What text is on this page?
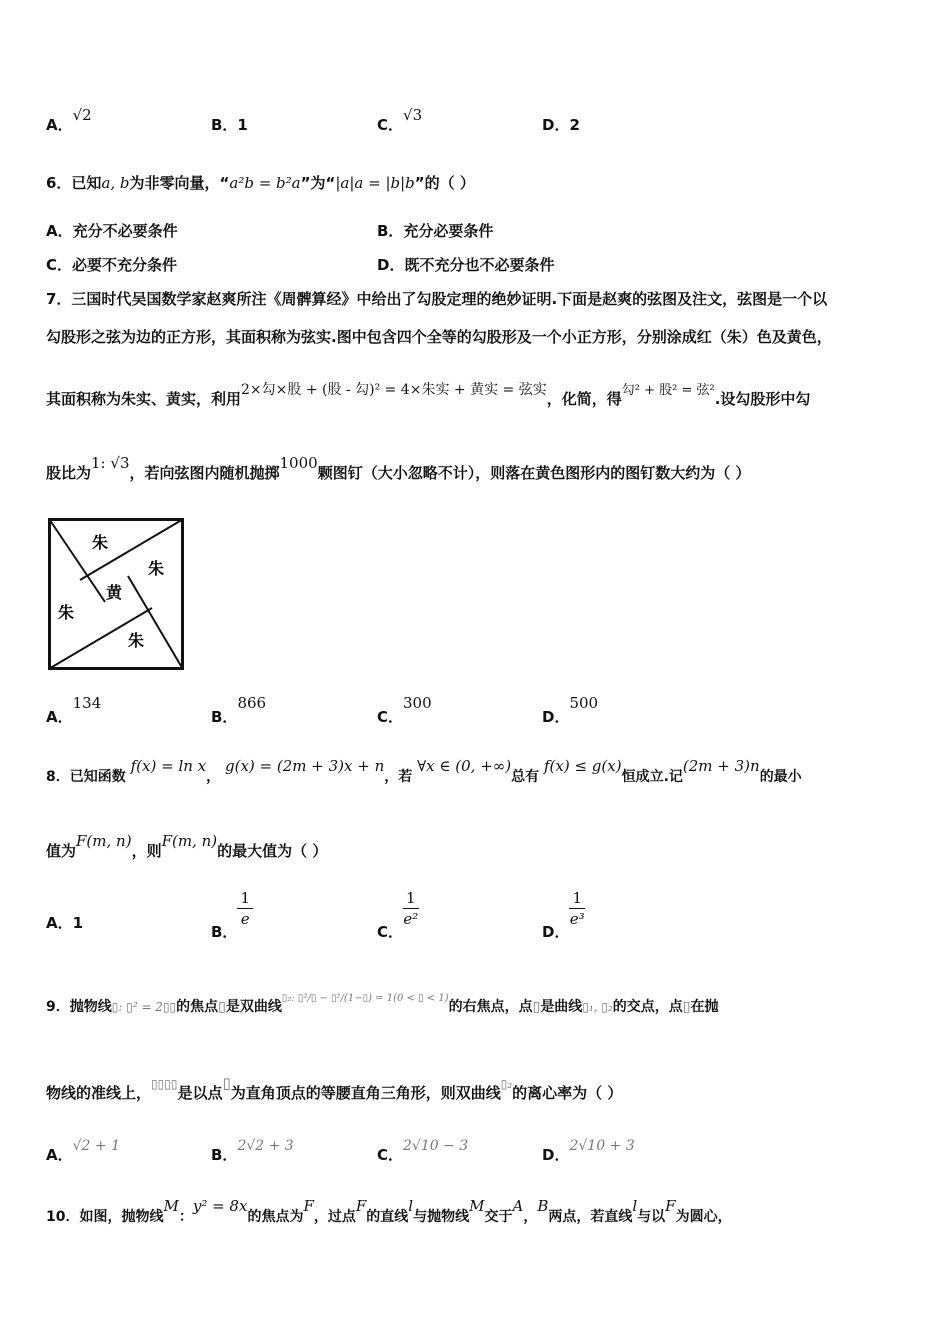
A．√2
B．1	C．√3
D．2
6．已知a, b为非零向量，“a²b = b²a”为“|a|a = |b|b”的（ ）
A．充分不必要条件	B．充分必要条件
C．必要不充分条件	D．既不充分也不必要条件
7．三国时代吴国数学家赵爽所注《周髀算经》中给出了勾股定理的绝妙证明.下面是赵爽的弦图及注文，弦图是一个以
勾股形之弦为边的正方形，其面积称为弦实.图中包含四个全等的勾股形及一个小正方形，分别涂成红（朱）色及黄色，
其面积称为朱实、黄实，利用2×勾×股 + (股 - 勾)² = 4×朱实 + 黄实 = 弦实，化简，得勾² + 股² = 弦².设勾股形中勾
股比为1: √3，若向弦图内随机抛掷1000颗图钉（大小忽略不计），则落在黄色图形内的图钉数大约为（ ）
朱
朱
黄
朱
朱
A．134
B．866
C．300
D．500
8．已知函数 f(x) = ln x， g(x) = (2m + 3)x + n，若 ∀x ∈ (0, +∞)总有 f(x) ≤ g(x)恒成立.记(2m + 3)n的最小
值为F(m, n)，则F(m, n)的最大值为（ ）
A．1	B．
$\frac{1}{e}$
C．
$\frac{1}{\text{e²}}$
D．
$\frac{1}{\text{e³}}$
9．抛物线▯: ▯² = 2▯▯的焦点▯是双曲线$^{▯_2: ▯^2/▯ - ▯^2/(1-▯) = 1(0 < ▯ < 1)}$的右焦点，点▯是曲线▯₁, ▯₂的交点，点▯在抛
物线的准线上，▯▯▯▯是以点▯为直角顶点的等腰直角三角形，则双曲线$^{▯_2}$的离心率为（ ）
A．√2 + 1	B．2√2 + 3	C．2√10 − 3	D．2√10 + 3
10．如图，抛物线M：y² = 8x的焦点为F，过点F的直线l与抛物线M交于A，B两点，若直线l与以F为圆心，
